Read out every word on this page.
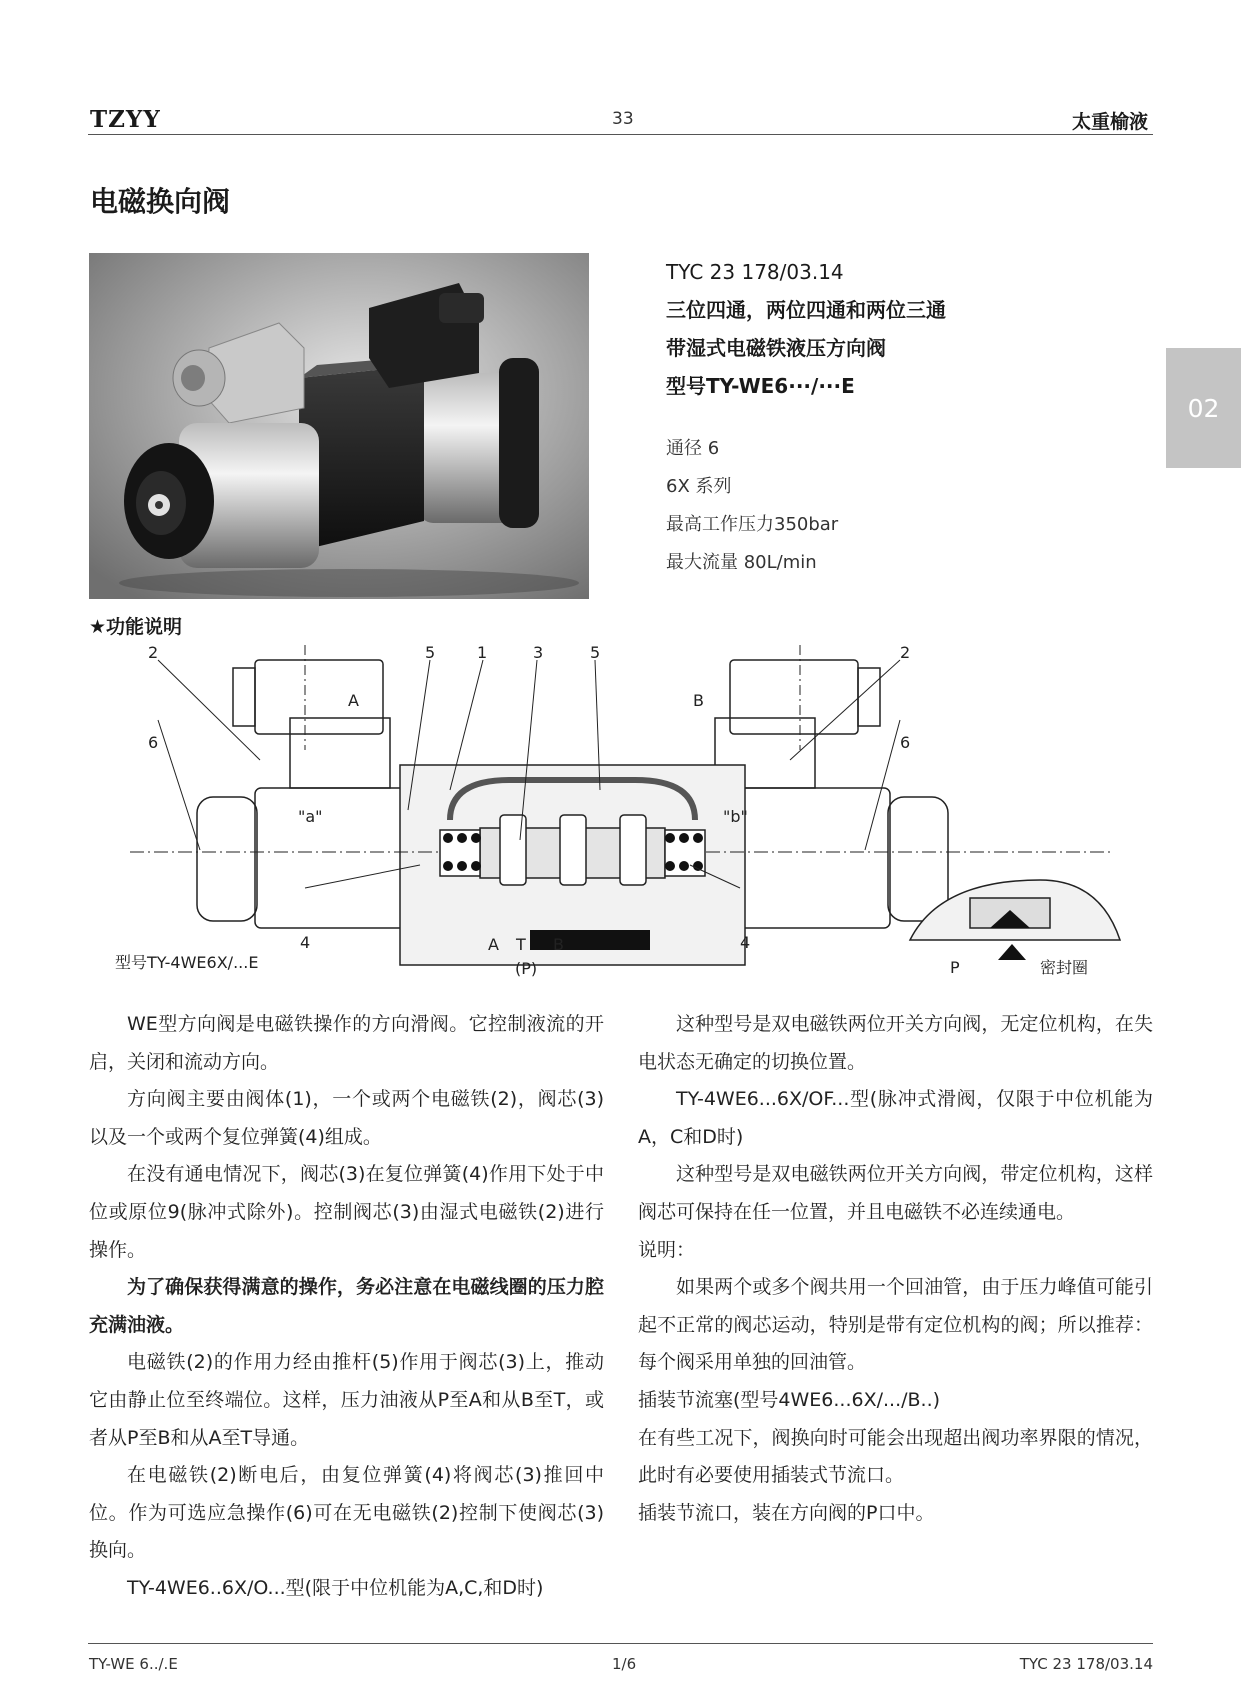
TZYY	33	太重榆液
电磁换向阀
TYC 23 178/03.14
三位四通，两位四通和两位三通
带湿式电磁铁液压方向阀
型号TY-WE6···/···E
通径 6
6X 系列
最高工作压力350bar
最大流量 80L/min
02
★功能说明
2	5	1	3	5	2
6	6
4	4
A	B
"a"	"b"
型号TY-4WE6X/...E
A T B
(P)	P	密封圈

WE型方向阀是电磁铁操作的方向滑阀。它控制液流的开启，关闭和流动方向。

方向阀主要由阀体(1)，一个或两个电磁铁(2)，阀芯(3)以及一个或两个复位弹簧(4)组成。

在没有通电情况下，阀芯(3)在复位弹簧(4)作用下处于中位或原位9(脉冲式除外)。控制阀芯(3)由湿式电磁铁(2)进行操作。

为了确保获得满意的操作，务必注意在电磁线圈的压力腔充满油液。

电磁铁(2)的作用力经由推杆(5)作用于阀芯(3)上，推动它由静止位至终端位。这样，压力油液从P至A和从B至T，或者从P至B和从A至T导通。

在电磁铁(2)断电后，由复位弹簧(4)将阀芯(3)推回中位。作为可选应急操作(6)可在无电磁铁(2)控制下使阀芯(3)换向。

TY-4WE6..6X/O...型(限于中位机能为A,C,和D时)

这种型号是双电磁铁两位开关方向阀，无定位机构，在失电状态无确定的切换位置。

TY-4WE6...6X/OF...型(脉冲式滑阀，仅限于中位机能为A，C和D时)

这种型号是双电磁铁两位开关方向阀，带定位机构，这样阀芯可保持在任一位置，并且电磁铁不必连续通电。

说明：

如果两个或多个阀共用一个回油管，由于压力峰值可能引起不正常的阀芯运动，特别是带有定位机构的阀；所以推荐：每个阀采用单独的回油管。

插装节流塞(型号4WE6...6X/.../B..)

在有些工况下，阀换向时可能会出现超出阀功率界限的情况，此时有必要使用插装式节流口。

插装节流口，装在方向阀的P口中。

TY-WE 6../.E	1/6	TYC 23 178/03.14
